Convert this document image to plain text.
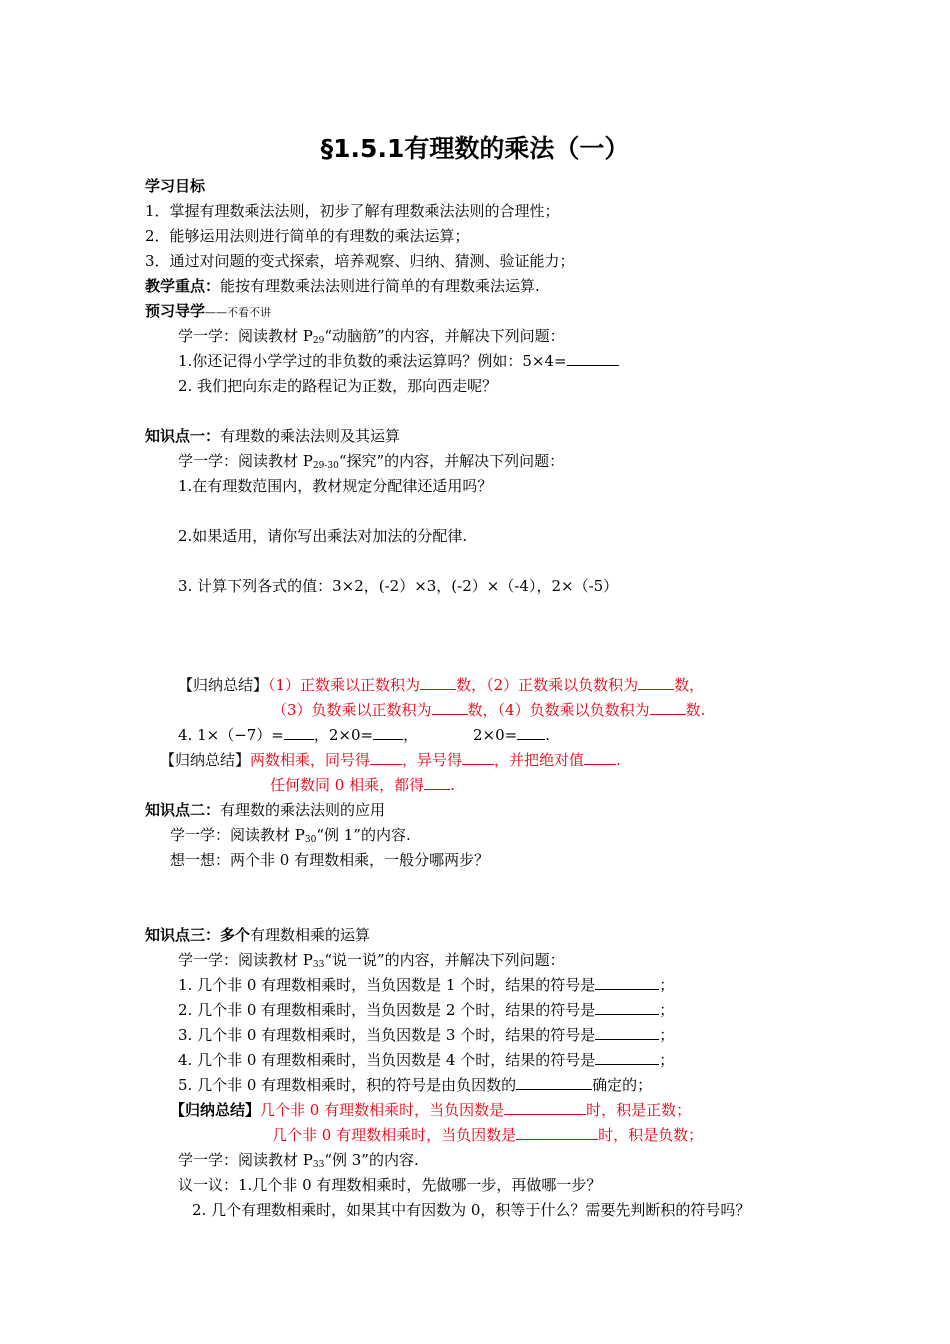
§1.5.1有理数的乘法（一）
学习目标
1．掌握有理数乘法法则，初步了解有理数乘法法则的合理性；
2．能够运用法则进行简单的有理数的乘法运算；
3．通过对问题的变式探索，培养观察、归纳、猜测、验证能力；
教学重点：能按有理数乘法法则进行简单的有理数乘法运算.
预习导学——不看不讲
学一学：阅读教材 $P_{29}“$动脑筋”的内容，并解决下列问题：
1.你还记得小学学过的非负数的乘法运算吗？例如：5×4=
2. 我们把向东走的路程记为正数，那向西走呢？
知识点一：有理数的乘法法则及其运算
学一学：阅读教材 $P_{29-30}“$探究”的内容，并解决下列问题：
1.在有理数范围内，教材规定分配律还适用吗？
2.如果适用，请你写出乘法对加法的分配律.
3. 计算下列各式的值：3×2，(-2）×3，(-2）×（-4），2×（-5）
【归纳总结】（1）正数乘以正数积为 数，（2）正数乘以负数积为 数，
（3）负数乘以正数积为 数，（4）负数乘以负数积为 数.
4. 1×（−7）= ，2×0= ，	2×0= .
【归纳总结】两数相乘，同号得 ，异号得 ，并把绝对值 .
任何数同 0 相乘，都得 .
知识点二：有理数的乘法法则的应用
学一学：阅读教材 $P_{30}“$例 1”的内容.
想一想：两个非 0 有理数相乘，一般分哪两步？
知识点三：多个有理数相乘的运算
学一学：阅读教材 $P_{33}“$说一说”的内容，并解决下列问题：
1. 几个非 0 有理数相乘时，当负因数是 1 个时，结果的符号是	；
2. 几个非 0 有理数相乘时，当负因数是 2 个时，结果的符号是	；
3. 几个非 0 有理数相乘时，当负因数是 3 个时，结果的符号是	；
4. 几个非 0 有理数相乘时，当负因数是 4 个时，结果的符号是	；
5. 几个非 0 有理数相乘时，积的符号是由负因数的	确定的；
【归纳总结】几个非 0 有理数相乘时，当负因数是	时，积是正数；
几个非 0 有理数相乘时，当负因数是	时，积是负数；
学一学：阅读教材 $P_{33}“$例 3”的内容.
议一议：1.几个非 0 有理数相乘时，先做哪一步，再做哪一步？
2. 几个有理数相乘时，如果其中有因数为 0，积等于什么？需要先判断积的符号吗？
